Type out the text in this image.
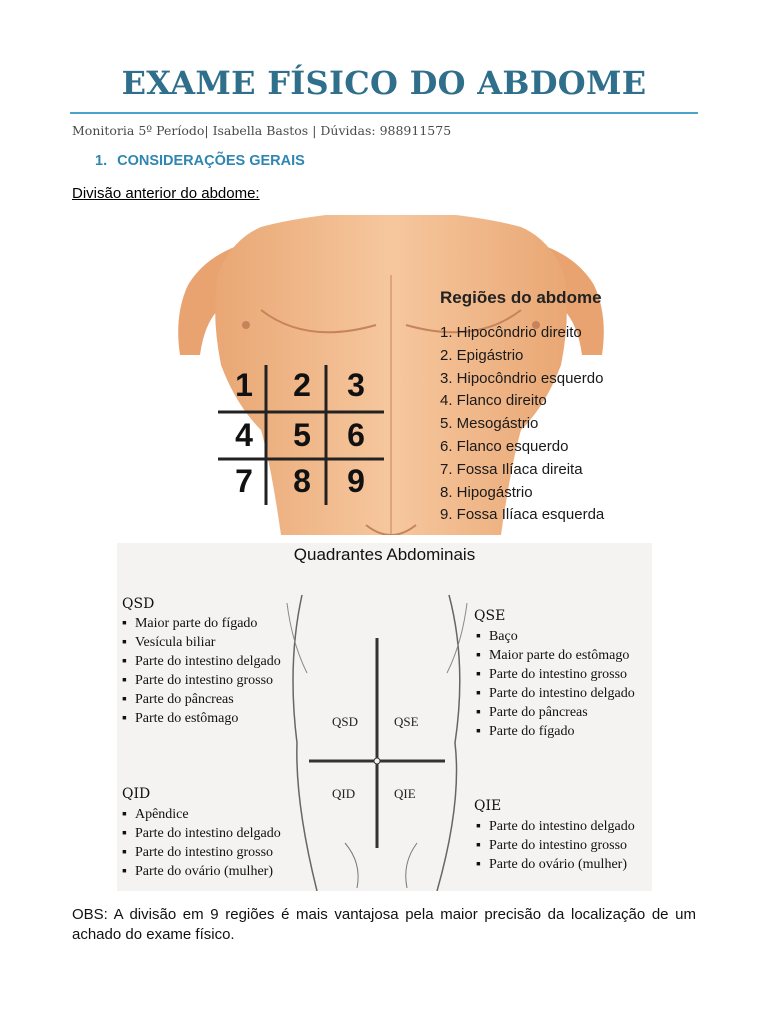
EXAME FÍSICO DO ABDOME
Monitoria 5º Período| Isabella Bastos | Dúvidas: 988911575
1. CONSIDERAÇÕES GERAIS
Divisão anterior do abdome:
1	2	3
4	5	6
7	8	9
Regiões do abdome
1. Hipocôndrio direito
2. Epigástrio
3. Hipocôndrio esquerdo
4. Flanco direito
5. Mesogástrio
6. Flanco esquerdo
7. Fossa Ilíaca direita
8. Hipogástrio
9. Fossa Ilíaca esquerda
Quadrantes Abdominais
QSD
▪ Maior parte do fígado
▪ Vesícula biliar
▪ Parte do intestino delgado
▪ Parte do intestino grosso
▪ Parte do pâncreas
▪ Parte do estômago
QSE
▪ Baço
▪ Maior parte do estômago
▪ Parte do intestino grosso
▪ Parte do intestino delgado
▪ Parte do pâncreas
▪ Parte do fígado
QID
▪ Apêndice
▪ Parte do intestino delgado
▪ Parte do intestino grosso
▪ Parte do ovário (mulher)
QIE
▪ Parte do intestino delgado
▪ Parte do intestino grosso
▪ Parte do ovário (mulher)
QSD	QSE
QID	QIE
OBS: A divisão em 9 regiões é mais vantajosa pela maior precisão da localização de um achado do exame físico.
